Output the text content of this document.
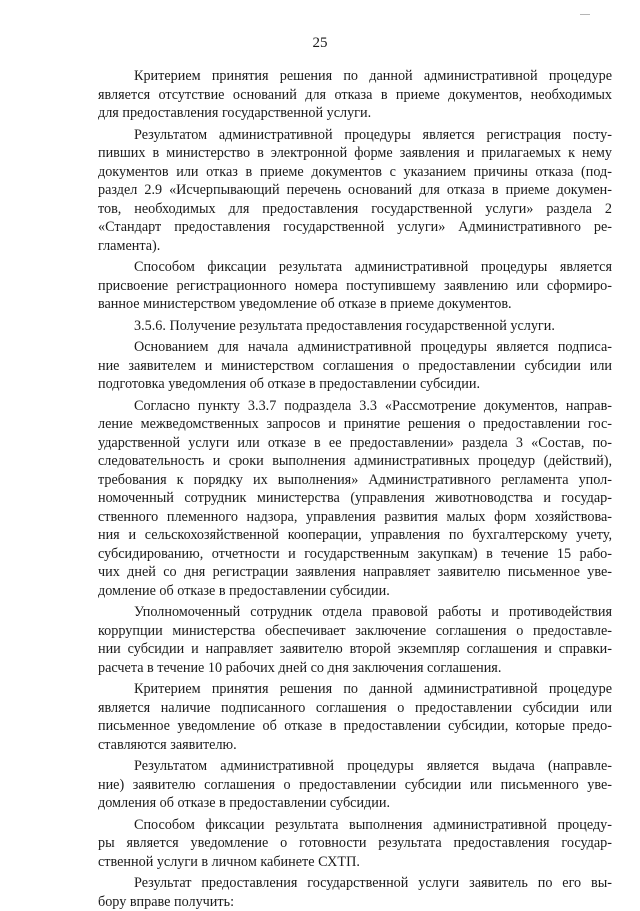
25

Критерием принятия решения по данной административной процедуре

является отсутствие оснований для отказа в приеме документов, необходимых

для предоставления государственной услуги.

Результатом административной процедуры является регистрация посту-

пивших в министерство в электронной форме заявления и прилагаемых к нему

документов или отказ в приеме документов с указанием причины отказа (под-

раздел 2.9 «Исчерпывающий перечень оснований для отказа в приеме докумен-

тов, необходимых для предоставления государственной услуги» раздела 2

«Стандарт предоставления государственной услуги» Административного ре-

гламента).

Способом фиксации результата административной процедуры является

присвоение регистрационного номера поступившему заявлению или сформиро-

ванное министерством уведомление об отказе в приеме документов.

3.5.6. Получение результата предоставления государственной услуги.

Основанием для начала административной процедуры является подписа-

ние заявителем и министерством соглашения о предоставлении субсидии или

подготовка уведомления об отказе в предоставлении субсидии.

Согласно пункту 3.3.7 подраздела 3.3 «Рассмотрение документов, направ-

ление межведомственных запросов и принятие решения о предоставлении гос-

ударственной услуги или отказе в ее предоставлении» раздела 3 «Состав, по-

следовательность и сроки выполнения административных процедур (действий),

требования к порядку их выполнения» Административного регламента упол-

номоченный сотрудник министерства (управления животноводства и государ-

ственного племенного надзора, управления развития малых форм хозяйствова-

ния и сельскохозяйственной кооперации, управления по бухгалтерскому учету,

субсидированию, отчетности и государственным закупкам) в течение 15 рабо-

чих дней со дня регистрации заявления направляет заявителю письменное уве-

домление об отказе в предоставлении субсидии.

Уполномоченный сотрудник отдела правовой работы и противодействия

коррупции министерства обеспечивает заключение соглашения о предоставле-

нии субсидии и направляет заявителю второй экземпляр соглашения и справки-

расчета в течение 10 рабочих дней со дня заключения соглашения.

Критерием принятия решения по данной административной процедуре

является наличие подписанного соглашения о предоставлении субсидии или

письменное уведомление об отказе в предоставлении субсидии, которые предо-

ставляются заявителю.

Результатом административной процедуры является выдача (направле-

ние) заявителю соглашения о предоставлении субсидии или письменного уве-

домления об отказе в предоставлении субсидии.

Способом фиксации результата выполнения административной процеду-

ры является уведомление о готовности результата предоставления государ-

ственной услуги в личном кабинете СХТП.

Результат предоставления государственной услуги заявитель по его вы-

бору вправе получить:
